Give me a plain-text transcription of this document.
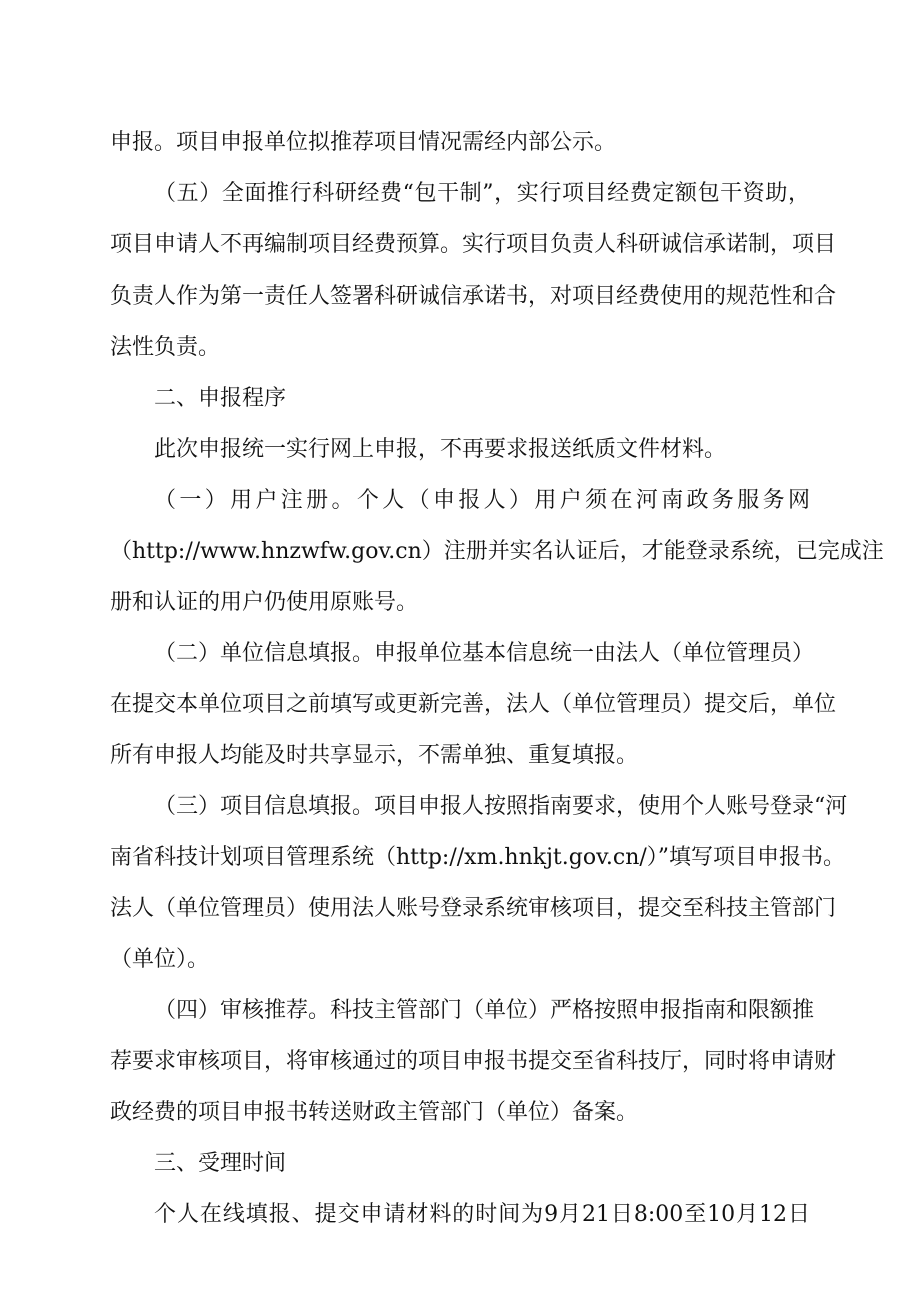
申报。项目申报单位拟推荐项目情况需经内部公示。

（五）全面推行科研经费“包干制”，实行项目经费定额包干资助，

项目申请人不再编制项目经费预算。实行项目负责人科研诚信承诺制，项目

负责人作为第一责任人签署科研诚信承诺书，对项目经费使用的规范性和合

法性负责。

二、申报程序

此次申报统一实行网上申报，不再要求报送纸质文件材料。

（一）用户注册。个人（申报人）用户须在河南政务服务网

（http://www.hnzwfw.gov.cn）注册并实名认证后，才能登录系统，已完成注

册和认证的用户仍使用原账号。

（二）单位信息填报。申报单位基本信息统一由法人（单位管理员）

在提交本单位项目之前填写或更新完善，法人（单位管理员）提交后，单位

所有申报人均能及时共享显示，不需单独、重复填报。

（三）项目信息填报。项目申报人按照指南要求，使用个人账号登录“河

南省科技计划项目管理系统（http://xm.hnkjt.gov.cn/）”填写项目申报书。

法人（单位管理员）使用法人账号登录系统审核项目，提交至科技主管部门

（单位）。

（四）审核推荐。科技主管部门（单位）严格按照申报指南和限额推

荐要求审核项目，将审核通过的项目申报书提交至省科技厅，同时将申请财

政经费的项目申报书转送财政主管部门（单位）备案。

三、受理时间

个人在线填报、提交申请材料的时间为9月21日8:00至10月12日
